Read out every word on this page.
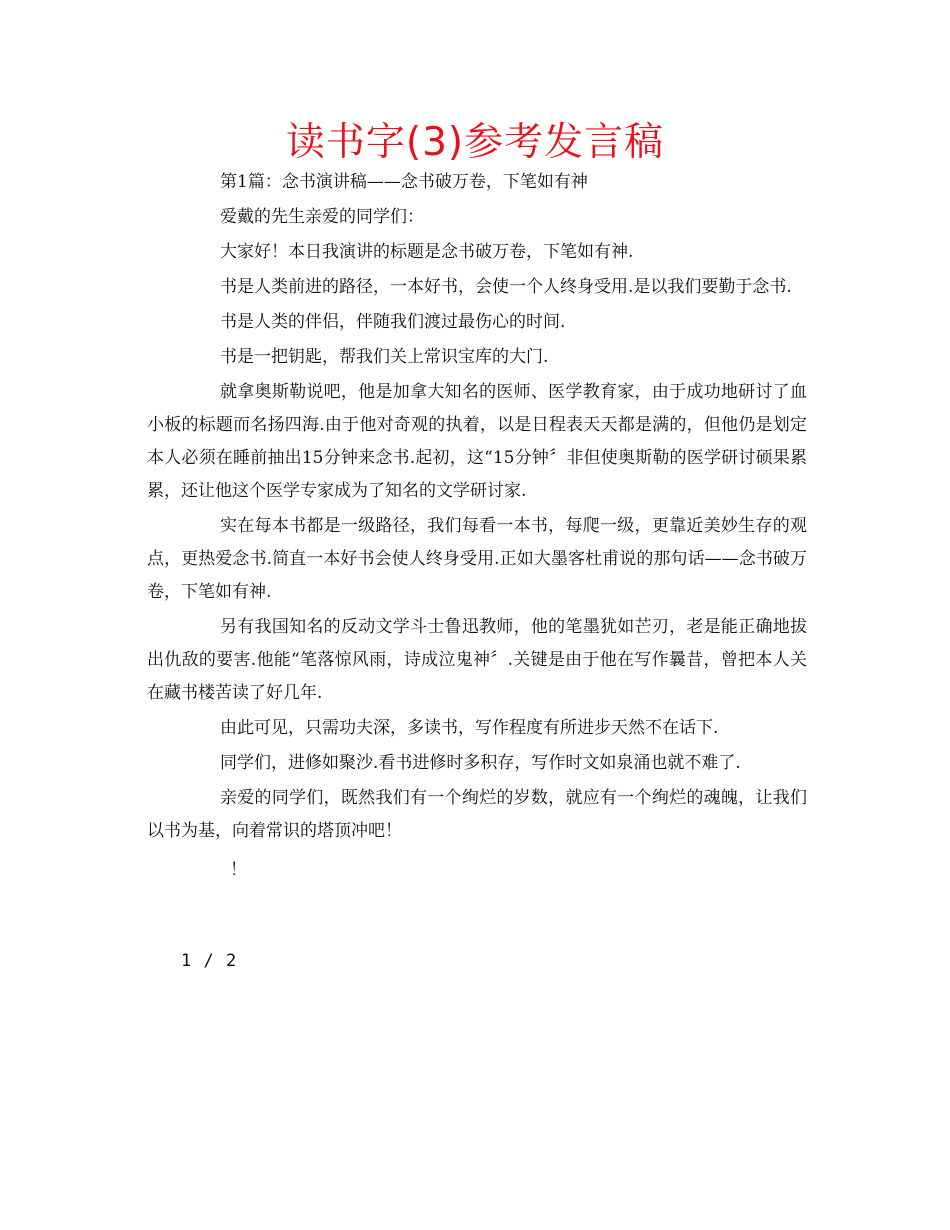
读书字(3)参考发言稿

第1篇：念书演讲稿——念书破万卷，下笔如有神

爱戴的先生亲爱的同学们：

大家好！本日我演讲的标题是念书破万卷，下笔如有神.

书是人类前进的路径，一本好书，会使一个人终身受用.是以我们要勤于念书.

书是人类的伴侣，伴随我们渡过最伤心的时间.

书是一把钥匙，帮我们关上常识宝库的大门.

就拿奥斯勒说吧，他是加拿大知名的医师、医学教育家，由于成功地研讨了血小板的标题而名扬四海.由于他对奇观的执着，以是日程表天天都是满的，但他仍是划定本人必须在睡前抽出15分钟来念书.起初，这“15分钟〞非但使奥斯勒的医学研讨硕果累累，还让他这个医学专家成为了知名的文学研讨家.

实在每本书都是一级路径，我们每看一本书，每爬一级，更靠近美妙生存的观点，更热爱念书.简直一本好书会使人终身受用.正如大墨客杜甫说的那句话——念书破万卷，下笔如有神.

另有我国知名的反动文学斗士鲁迅教师，他的笔墨犹如芒刃，老是能正确地拔出仇敌的要害.他能“笔落惊风雨，诗成泣鬼神〞.关键是由于他在写作曩昔，曾把本人关在藏书楼苦读了好几年.

由此可见，只需功夫深，多读书，写作程度有所进步天然不在话下.

同学们，进修如聚沙.看书进修时多积存，写作时文如泉涌也就不难了.

亲爱的同学们，既然我们有一个绚烂的岁数，就应有一个绚烂的魂魄，让我们以书为基，向着常识的塔顶冲吧！

！

1 / 2
